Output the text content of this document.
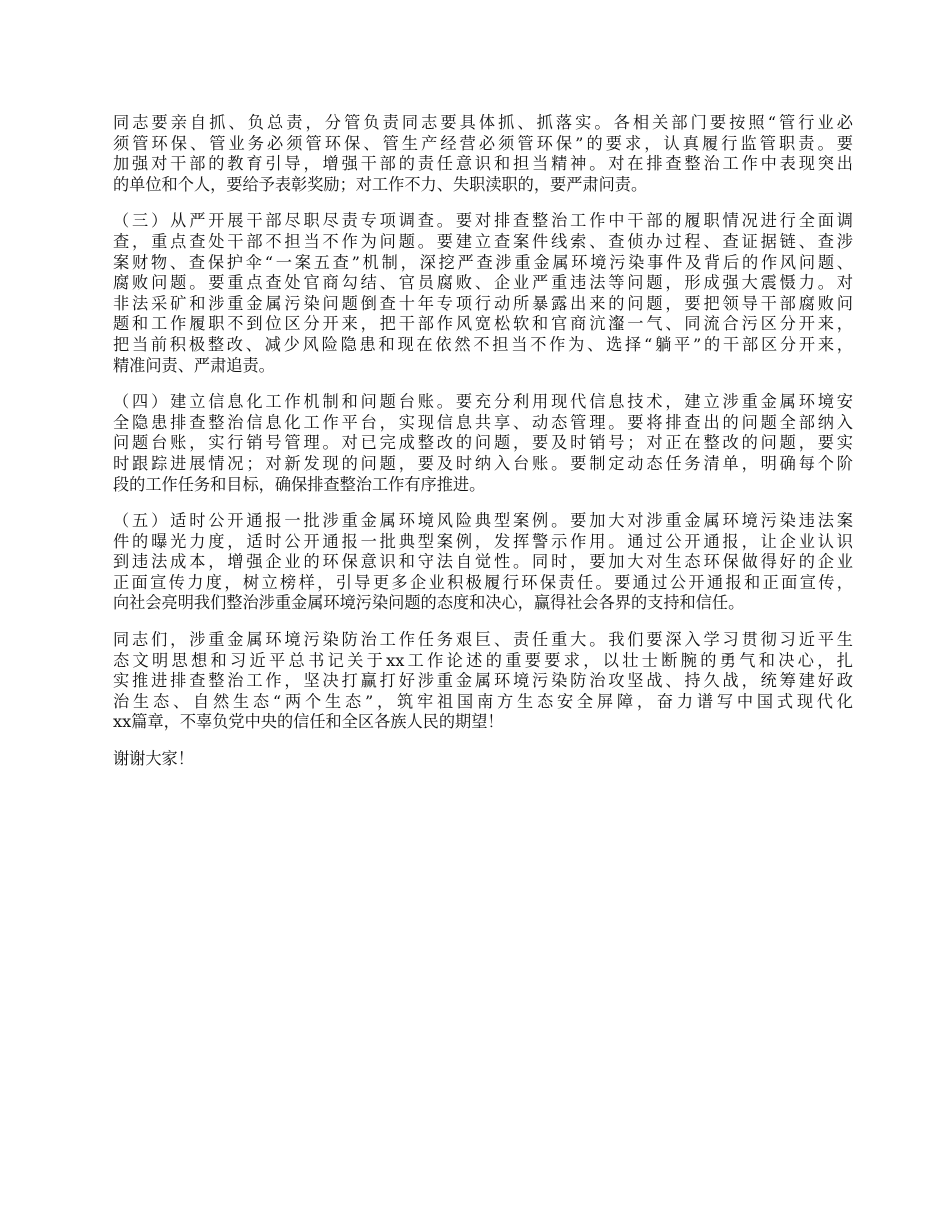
同志要亲自抓、负总责，分管负责同志要具体抓、抓落实。各相关部门要按照“管行业必
须管环保、管业务必须管环保、管生产经营必须管环保”的要求，认真履行监管职责。要
加强对干部的教育引导，增强干部的责任意识和担当精神。对在排查整治工作中表现突出
的单位和个人，要给予表彰奖励；对工作不力、失职渎职的，要严肃问责。
（三）从严开展干部尽职尽责专项调查。要对排查整治工作中干部的履职情况进行全面调
查，重点查处干部不担当不作为问题。要建立查案件线索、查侦办过程、查证据链、查涉
案财物、查保护伞“一案五查”机制，深挖严查涉重金属环境污染事件及背后的作风问题、
腐败问题。要重点查处官商勾结、官员腐败、企业严重违法等问题，形成强大震慑力。对
非法采矿和涉重金属污染问题倒查十年专项行动所暴露出来的问题，要把领导干部腐败问
题和工作履职不到位区分开来，把干部作风宽松软和官商沆瀣一气、同流合污区分开来，
把当前积极整改、减少风险隐患和现在依然不担当不作为、选择“躺平”的干部区分开来，
精准问责、严肃追责。
（四）建立信息化工作机制和问题台账。要充分利用现代信息技术，建立涉重金属环境安
全隐患排查整治信息化工作平台，实现信息共享、动态管理。要将排查出的问题全部纳入
问题台账，实行销号管理。对已完成整改的问题，要及时销号；对正在整改的问题，要实
时跟踪进展情况；对新发现的问题，要及时纳入台账。要制定动态任务清单，明确每个阶
段的工作任务和目标，确保排查整治工作有序推进。
（五）适时公开通报一批涉重金属环境风险典型案例。要加大对涉重金属环境污染违法案
件的曝光力度，适时公开通报一批典型案例，发挥警示作用。通过公开通报，让企业认识
到违法成本，增强企业的环保意识和守法自觉性。同时，要加大对生态环保做得好的企业
正面宣传力度，树立榜样，引导更多企业积极履行环保责任。要通过公开通报和正面宣传，
向社会亮明我们整治涉重金属环境污染问题的态度和决心，赢得社会各界的支持和信任。
同志们，涉重金属环境污染防治工作任务艰巨、责任重大。我们要深入学习贯彻习近平生
态文明思想和习近平总书记关于xx工作论述的重要要求，以壮士断腕的勇气和决心，扎
实推进排查整治工作，坚决打赢打好涉重金属环境污染防治攻坚战、持久战，统筹建好政
治生态、自然生态“两个生态”，筑牢祖国南方生态安全屏障，奋力谱写中国式现代化
xx篇章，不辜负党中央的信任和全区各族人民的期望！
谢谢大家！
